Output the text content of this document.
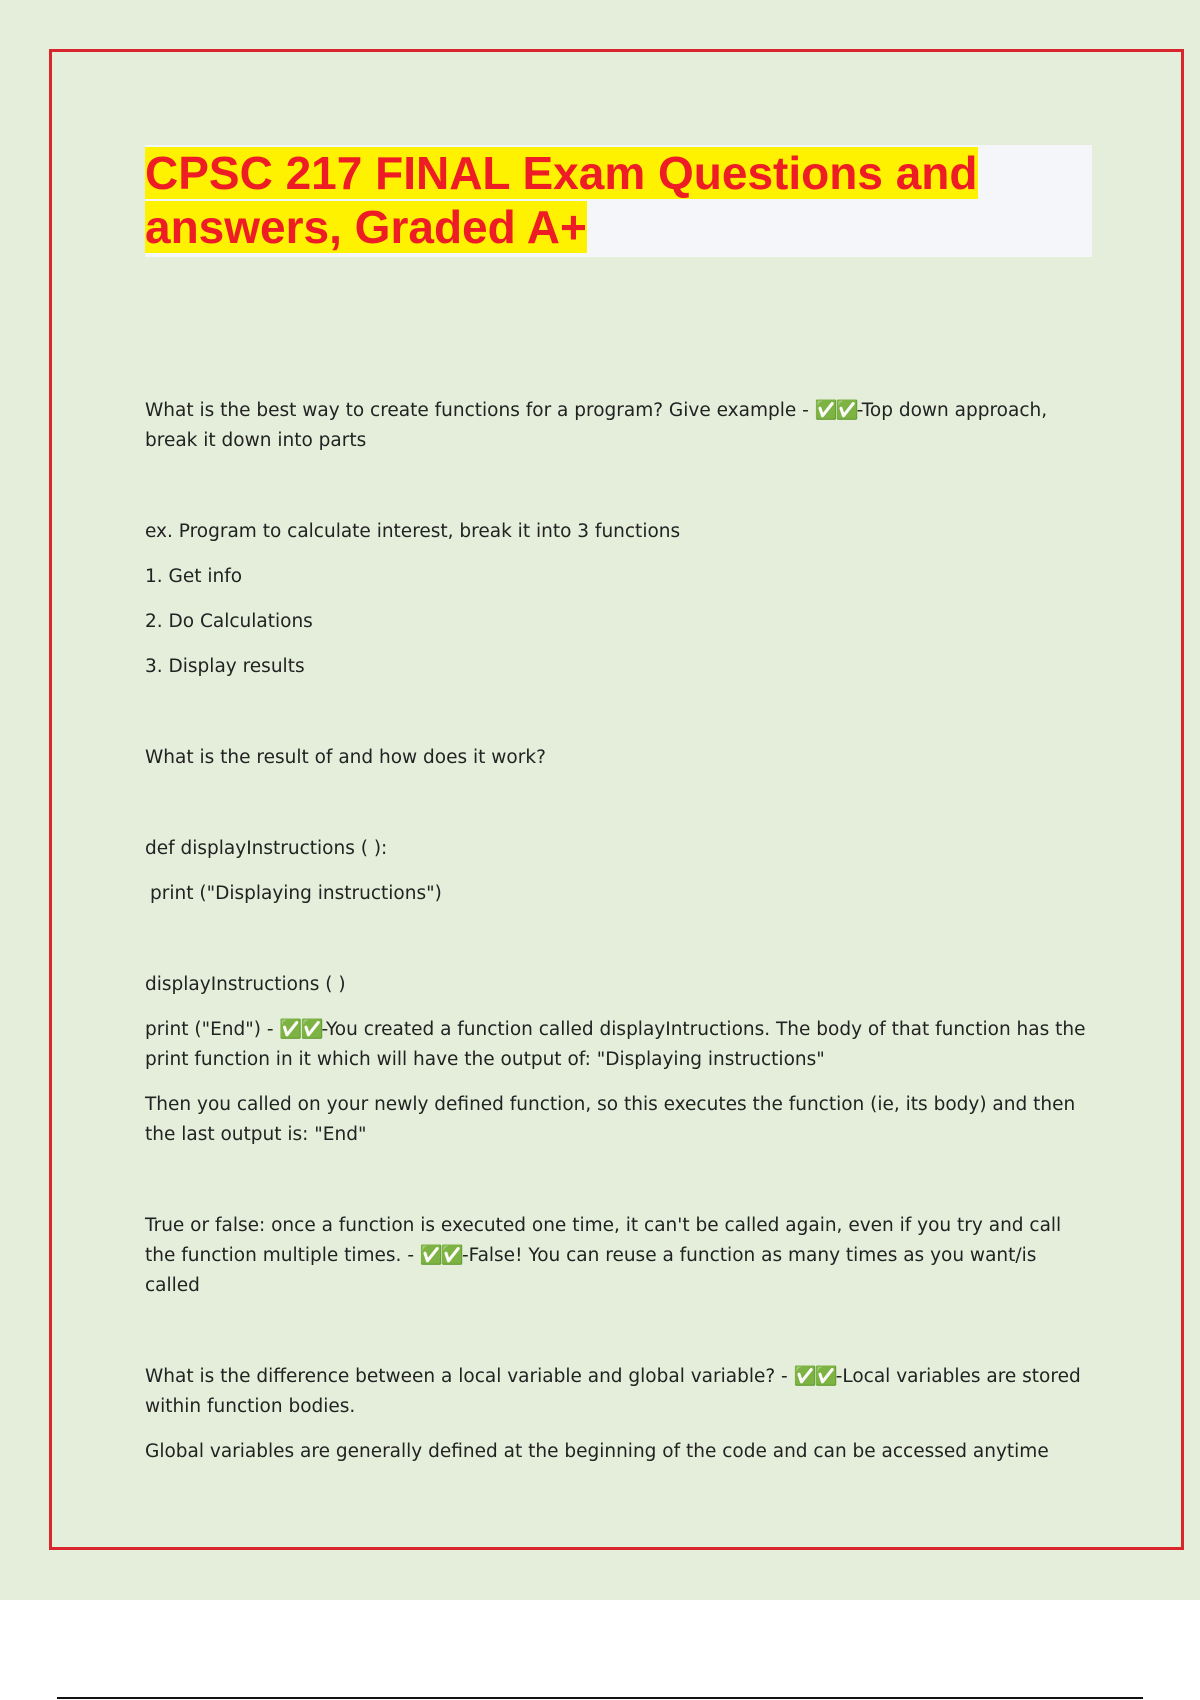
CPSC 217 FINAL Exam Questions and answers, Graded A+

What is the best way to create functions for a program? Give example - ✅✅-Top down approach, break it down into parts

ex. Program to calculate interest, break it into 3 functions

1. Get info

2. Do Calculations

3. Display results

What is the result of and how does it work?

def displayInstructions ( ):

print ("Displaying instructions")

displayInstructions ( )

print ("End") - ✅✅-You created a function called displayIntructions. The body of that function has the print function in it which will have the output of: "Displaying instructions"

Then you called on your newly defined function, so this executes the function (ie, its body) and then the last output is: "End"

True or false: once a function is executed one time, it can't be called again, even if you try and call the function multiple times. - ✅✅-False! You can reuse a function as many times as you want/is called

What is the difference between a local variable and global variable? - ✅✅-Local variables are stored within function bodies.

Global variables are generally defined at the beginning of the code and can be accessed anytime
